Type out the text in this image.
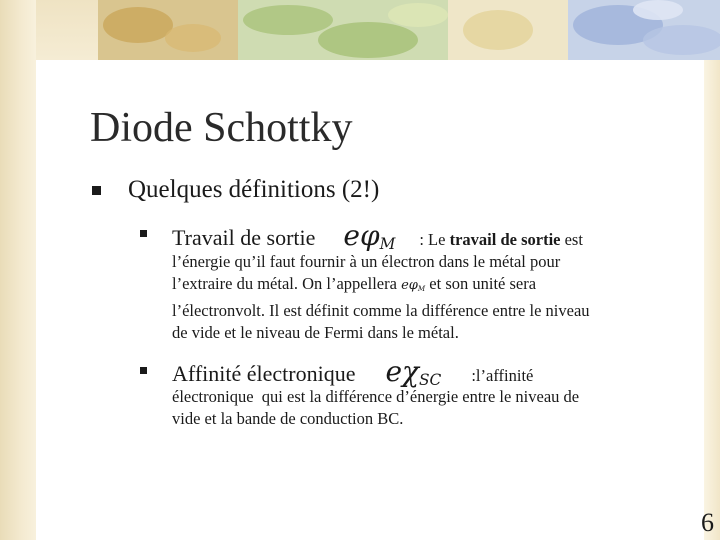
Diode Schottky
Quelques définitions (2!)
Travail de sortie $e\varphi_M$ : Le travail de sortie est
l’énergie qu’il faut fournir à un électron dans le métal pour
l’extraire du métal. On l’appellera $e\varphi_M$ et son unité sera
l’électronvolt. Il est définit comme la différence entre le niveau
de vide et le niveau de Fermi dans le métal.
Affinité électronique $e\chi_{SC}$ :l’affinité
électronique  qui est la différence d’énergie entre le niveau de
vide et la bande de conduction BC.
6
